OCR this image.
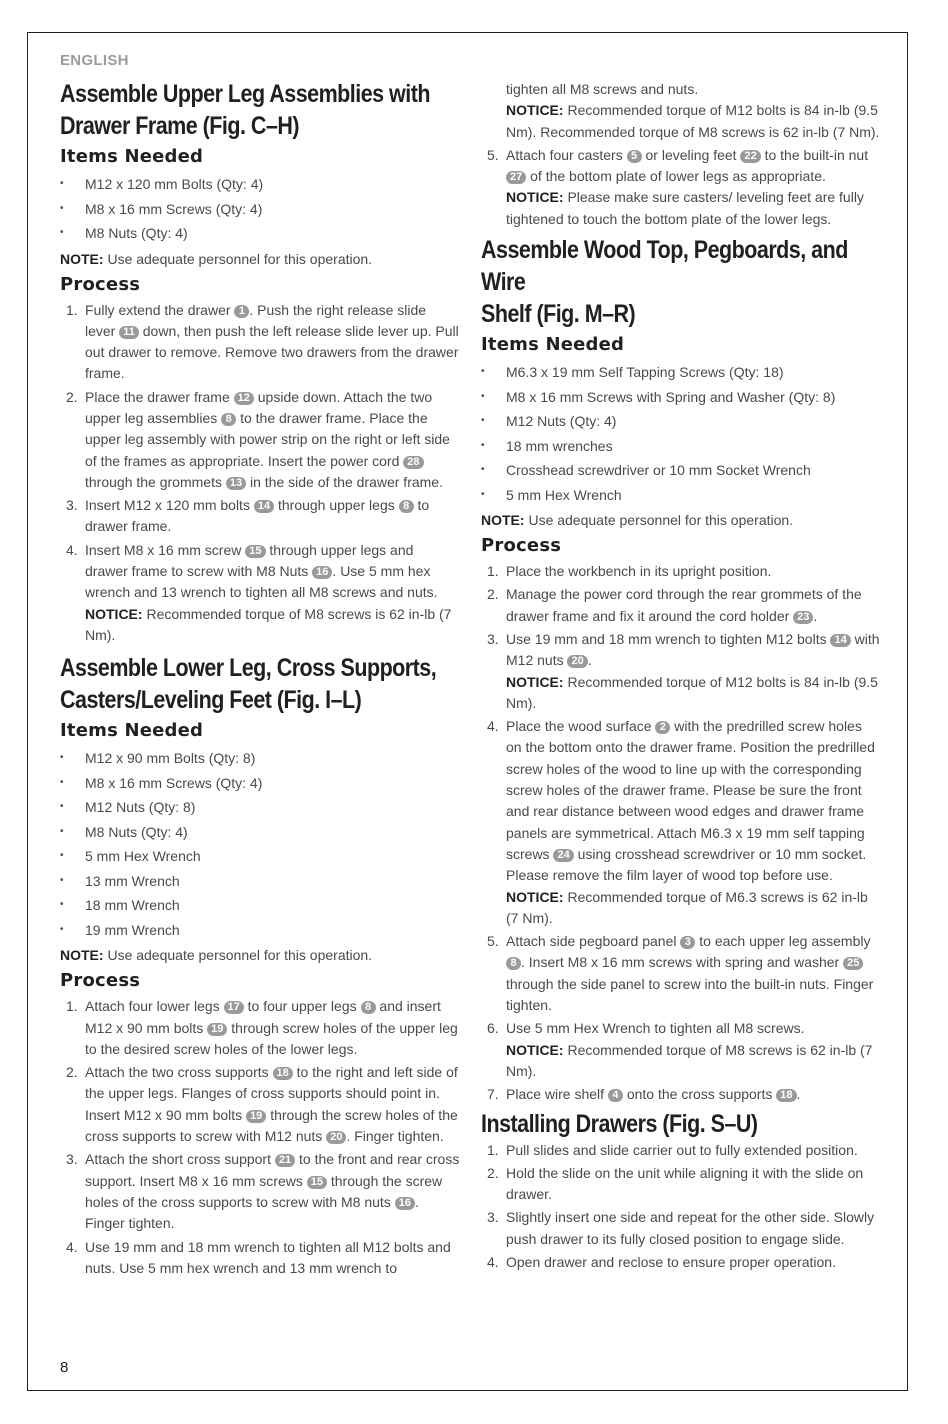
ENGLISH
Assemble Upper Leg Assemblies with
Drawer Frame (Fig. C–H)
Items Needed
• M12 x 120 mm Bolts (Qty: 4)
• M8 x 16 mm Screws (Qty: 4)
• M8 Nuts (Qty: 4)
NOTE: Use adequate personnel for this operation.
Process
1. Fully extend the drawer 1 . Push the right release slide lever 11 down, then push the left release slide lever up. Pull out drawer to remove. Remove two drawers from the drawer frame.
2. Place the drawer frame 12 upside down. Attach the two upper leg assemblies 8 to the drawer frame. Place the upper leg assembly with power strip on the right or left side of the frames as appropriate. Insert the power cord 28 through the grommets 13 in the side of the drawer frame.
3. Insert M12 x 120 mm bolts 14 through upper legs 8 to drawer frame.
4. Insert M8 x 16 mm screw 15 through upper legs and drawer frame to screw with M8 Nuts 16 . Use 5 mm hex wrench and 13 wrench to tighten all M8 screws and nuts.
NOTICE: Recommended torque of M8 screws is 62 in-lb (7 Nm).
Assemble Lower Leg, Cross Supports,
Casters/Leveling Feet (Fig. I–L)
Items Needed
• M12 x 90 mm Bolts (Qty: 8)
• M8 x 16 mm Screws (Qty: 4)
• M12 Nuts (Qty: 8)
• M8 Nuts (Qty: 4)
• 5 mm Hex Wrench
• 13 mm Wrench
• 18 mm Wrench
• 19 mm Wrench
NOTE: Use adequate personnel for this operation.
Process
1. Attach four lower legs 17 to four upper legs 8 and insert M12 x 90 mm bolts 19 through screw holes of the upper leg to the desired screw holes of the lower legs.
2. Attach the two cross supports 18 to the right and left side of the upper legs. Flanges of cross supports should point in. Insert M12 x 90 mm bolts 19 through the screw holes of the cross supports to screw with M12 nuts 20 . Finger tighten.
3. Attach the short cross support 21 to the front and rear cross support. Insert M8 x 16 mm screws 15 through the screw holes of the cross supports to screw with M8 nuts 16 . Finger tighten.
4. Use 19 mm and 18 mm wrench to tighten all M12 bolts and nuts. Use 5 mm hex wrench and 13 mm wrench to
tighten all M8 screws and nuts.
NOTICE: Recommended torque of M12 bolts is 84 in-lb (9.5 Nm). Recommended torque of M8 screws is 62 in-lb (7 Nm).
5. Attach four casters 5 or leveling feet 22 to the built-in nut 27 of the bottom plate of lower legs as appropriate.
NOTICE: Please make sure casters/ leveling feet are fully tightened to touch the bottom plate of the lower legs.
Assemble Wood Top, Pegboards, and Wire
Shelf (Fig. M–R)
Items Needed
• M6.3 x 19 mm Self Tapping Screws (Qty: 18)
• M8 x 16 mm Screws with Spring and Washer (Qty: 8)
• M12 Nuts (Qty: 4)
• 18 mm wrenches
• Crosshead screwdriver or 10 mm Socket Wrench
• 5 mm Hex Wrench
NOTE: Use adequate personnel for this operation.
Process
1. Place the workbench in its upright position.
2. Manage the power cord through the rear grommets of the drawer frame and fix it around the cord holder 23 .
3. Use 19 mm and 18 mm wrench to tighten M12 bolts 14 with M12 nuts 20 .
NOTICE: Recommended torque of M12 bolts is 84 in-lb (9.5 Nm).
4. Place the wood surface 2 with the predrilled screw holes on the bottom onto the drawer frame. Position the predrilled screw holes of the wood to line up with the corresponding screw holes of the drawer frame. Please be sure the front and rear distance between wood edges and drawer frame panels are symmetrical. Attach M6.3 x 19 mm self tapping screws 24 using crosshead screwdriver or 10 mm socket. Please remove the film layer of wood top before use.
NOTICE: Recommended torque of M6.3 screws is 62 in-lb (7 Nm).
5. Attach side pegboard panel 3 to each upper leg assembly 8 . Insert M8 x 16 mm screws with spring and washer 25 through the side panel to screw into the built-in nuts. Finger tighten.
6. Use 5 mm Hex Wrench to tighten all M8 screws.
NOTICE: Recommended torque of M8 screws is 62 in-lb (7 Nm).
7. Place wire shelf 4 onto the cross supports 18 .
Installing Drawers (Fig. S–U)
1. Pull slides and slide carrier out to fully extended position.
2. Hold the slide on the unit while aligning it with the slide on drawer.
3. Slightly insert one side and repeat for the other side. Slowly push drawer to its fully closed position to engage slide.
4. Open drawer and reclose to ensure proper operation.
8
